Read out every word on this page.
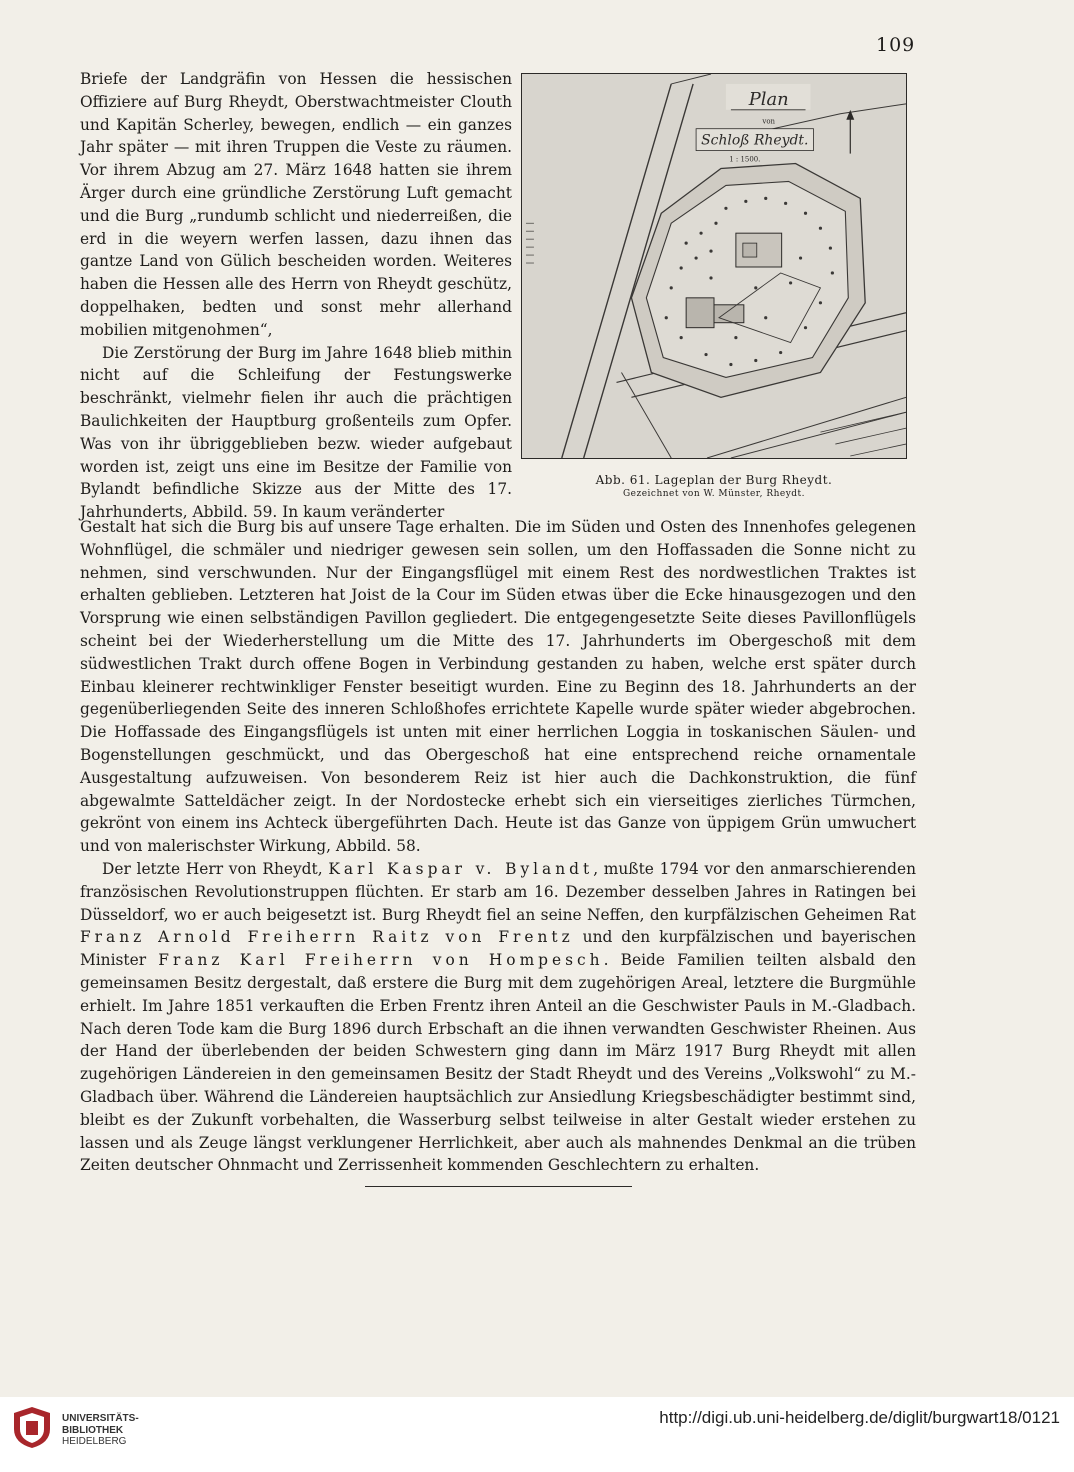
109

Briefe der Landgräfin von Hessen die hessischen Offiziere auf Burg Rheydt, Oberstwachtmeister Clouth und Kapitän Scherley, bewegen, endlich — ein ganzes Jahr später — mit ihren Truppen die Veste zu räumen. Vor ihrem Abzug am 27. März 1648 hatten sie ihrem Ärger durch eine gründliche Zerstörung Luft gemacht und die Burg „rundumb schlicht und niederreißen, die erd in die weyern werfen lassen, dazu ihnen das gantze Land von Gülich bescheiden worden. Weiteres haben die Hessen alle des Herrn von Rheydt geschütz, doppelhaken, bedten und sonst mehr allerhand mobilien mitgenohmen“,

Die Zerstörung der Burg im Jahre 1648 blieb mithin nicht auf die Schleifung der Festungswerke beschränkt, vielmehr fielen ihr auch die prächtigen Baulichkeiten der Hauptburg großenteils zum Opfer. Was von ihr übriggeblieben bezw. wieder aufgebaut worden ist, zeigt uns eine im Besitze der Familie von Bylandt befindliche Skizze aus der Mitte des 17. Jahrhunderts, Abbild. 59. In kaum veränderter

Plan
von
Schloß Rheydt.
1 : 1500.
Abb. 61. Lageplan der Burg Rheydt.
Gezeichnet von W. Münster, Rheydt.

Gestalt hat sich die Burg bis auf unsere Tage erhalten. Die im Süden und Osten des Innenhofes gelegenen Wohnflügel, die schmäler und niedriger gewesen sein sollen, um den Hoffassaden die Sonne nicht zu nehmen, sind verschwunden. Nur der Eingangsflügel mit einem Rest des nordwestlichen Traktes ist erhalten geblieben. Letzteren hat Joist de la Cour im Süden etwas über die Ecke hinausgezogen und den Vorsprung wie einen selbständigen Pavillon gegliedert. Die entgegengesetzte Seite dieses Pavillonflügels scheint bei der Wiederherstellung um die Mitte des 17. Jahrhunderts im Obergeschoß mit dem südwestlichen Trakt durch offene Bogen in Verbindung gestanden zu haben, welche erst später durch Einbau kleinerer rechtwinkliger Fenster beseitigt wurden. Eine zu Beginn des 18. Jahrhunderts an der gegenüberliegenden Seite des inneren Schloßhofes errichtete Kapelle wurde später wieder abgebrochen. Die Hoffassade des Eingangsflügels ist unten mit einer herrlichen Loggia in toskanischen Säulen- und Bogenstellungen geschmückt, und das Obergeschoß hat eine entsprechend reiche ornamentale Ausgestaltung aufzuweisen. Von besonderem Reiz ist hier auch die Dachkonstruktion, die fünf abgewalmte Satteldächer zeigt. In der Nordostecke erhebt sich ein vierseitiges zierliches Türmchen, gekrönt von einem ins Achteck übergeführten Dach. Heute ist das Ganze von üppigem Grün umwuchert und von malerischster Wirkung, Abbild. 58.

Der letzte Herr von Rheydt, Karl Kaspar v. Bylandt, mußte 1794 vor den anmarschierenden französischen Revolutionstruppen flüchten. Er starb am 16. Dezember desselben Jahres in Ratingen bei Düsseldorf, wo er auch beigesetzt ist. Burg Rheydt fiel an seine Neffen, den kurpfälzischen Geheimen Rat Franz Arnold Freiherrn Raitz von Frentz und den kurpfälzischen und bayerischen Minister Franz Karl Freiherrn von Hompesch. Beide Familien teilten alsbald den gemeinsamen Besitz dergestalt, daß erstere die Burg mit dem zugehörigen Areal, letztere die Burgmühle erhielt. Im Jahre 1851 verkauften die Erben Frentz ihren Anteil an die Geschwister Pauls in M.-Gladbach. Nach deren Tode kam die Burg 1896 durch Erbschaft an die ihnen verwandten Geschwister Rheinen. Aus der Hand der überlebenden der beiden Schwestern ging dann im März 1917 Burg Rheydt mit allen zugehörigen Ländereien in den gemeinsamen Besitz der Stadt Rheydt und des Vereins „Volkswohl“ zu M.-Gladbach über. Während die Ländereien hauptsächlich zur Ansiedlung Kriegsbeschädigter bestimmt sind, bleibt es der Zukunft vorbehalten, die Wasserburg selbst teilweise in alter Gestalt wieder erstehen zu lassen und als Zeuge längst verklungener Herrlichkeit, aber auch als mahnendes Denkmal an die trüben Zeiten deutscher Ohnmacht und Zerrissenheit kommenden Geschlechtern zu erhalten.

UNIVERSITÄTS-
BIBLIOTHEK
HEIDELBERG
http://digi.ub.uni-heidelberg.de/diglit/burgwart18/0121
